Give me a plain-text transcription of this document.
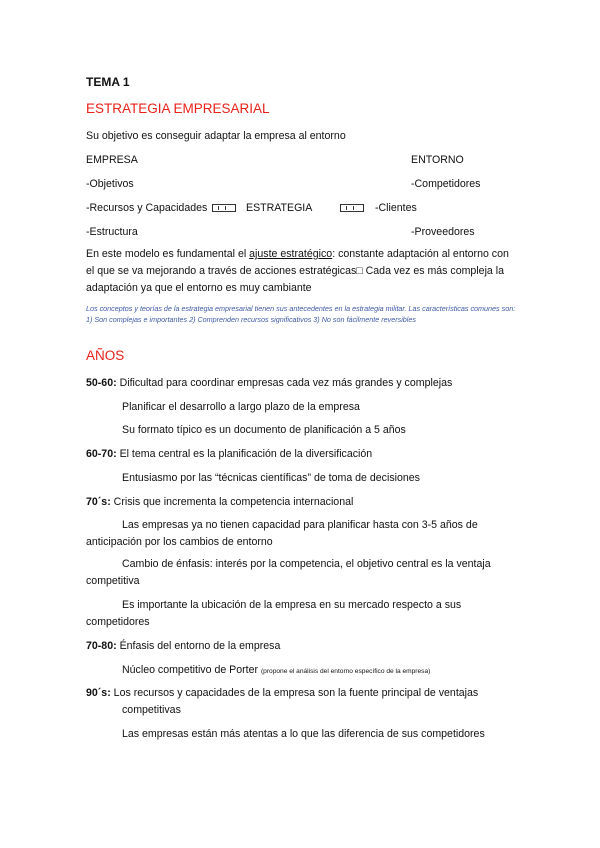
TEMA 1
ESTRATEGIA EMPRESARIAL
Su objetivo es conseguir adaptar la empresa al entorno
EMPRESA	ENTORNO
-Objetivos	-Competidores
-Recursos y Capacidades	ESTRATEGIA	-Clientes
-Estructura	-Proveedores
En este modelo es fundamental el ajuste estratégico: constante adaptación al entorno con el que se va mejorando a través de acciones estratégicas□ Cada vez es más compleja la adaptación ya que el entorno es muy cambiante
Los conceptos y teorías de la estrategia empresarial tienen sus antecedentes en la estrategia militar. Las características comunes son: 1) Son complejas e importantes 2) Comprenden recursos significativos 3) No son fácilmente reversibles
AÑOS
50-60: Dificultad para coordinar empresas cada vez más grandes y complejas
Planificar el desarrollo a largo plazo de la empresa
Su formato típico es un documento de planificación a 5 años
60-70: El tema central es la planificación de la diversificación
Entusiasmo por las “técnicas científicas” de toma de decisiones
70´s: Crisis que incrementa la competencia internacional
Las empresas ya no tienen capacidad para planificar hasta con 3-5 años de anticipación por los cambios de entorno
Cambio de énfasis: interés por la competencia, el objetivo central es la ventaja competitiva
Es importante la ubicación de la empresa en su mercado respecto a sus competidores
70-80: Énfasis del entorno de la empresa
Núcleo competitivo de Porter (propone el análisis del entorno específico de la empresa)
90´s: Los recursos y capacidades de la empresa son la fuente principal de ventajas competitivas
Las empresas están más atentas a lo que las diferencia de sus competidores
